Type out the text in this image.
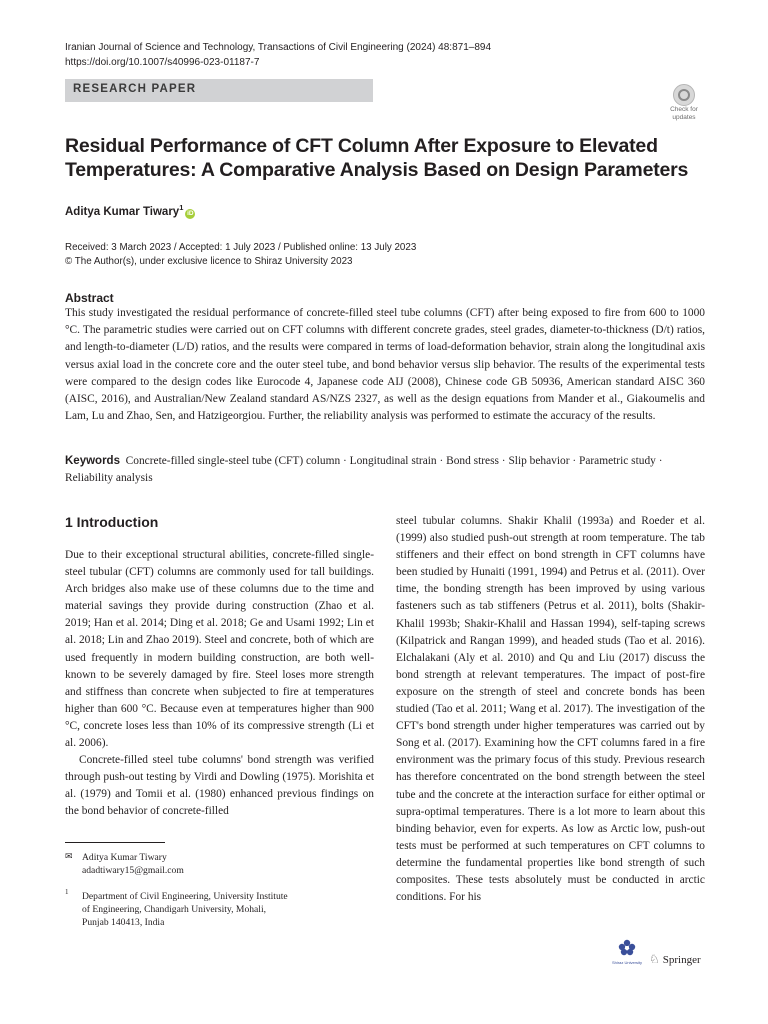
Iranian Journal of Science and Technology, Transactions of Civil Engineering (2024) 48:871–894
https://doi.org/10.1007/s40996-023-01187-7
RESEARCH PAPER
Check for updates
Residual Performance of CFT Column After Exposure to Elevated Temperatures: A Comparative Analysis Based on Design Parameters
Aditya Kumar Tiwary$^1$iD
Received: 3 March 2023 / Accepted: 1 July 2023 / Published online: 13 July 2023
© The Author(s), under exclusive licence to Shiraz University 2023
Abstract
This study investigated the residual performance of concrete-filled steel tube columns (CFT) after being exposed to fire from 600 to 1000 °C. The parametric studies were carried out on CFT columns with different concrete grades, steel grades, diameter-to-thickness (D/t) ratios, and length-to-diameter (L/D) ratios, and the results were compared in terms of load-deformation behavior, strain along the longitudinal axis versus axial load in the concrete core and the outer steel tube, and bond behavior versus slip behavior. The results of the experimental tests were compared to the design codes like Eurocode 4, Japanese code AIJ (2008), Chinese code GB 50936, American standard AISC 360 (AISC, 2016), and Australian/New Zealand standard AS/NZS 2327, as well as the design equations from Mander et al., Giakoumelis and Lam, Lu and Zhao, Sen, and Hatzigeorgiou. Further, the reliability analysis was performed to estimate the accuracy of the results.
Keywords Concrete-filled single-steel tube (CFT) column · Longitudinal strain · Bond stress · Slip behavior · Parametric study · Reliability analysis
1 Introduction

Due to their exceptional structural abilities, concrete-filled single-steel tubular (CFT) columns are commonly used for tall buildings. Arch bridges also make use of these columns due to the time and material savings they provide during construction (Zhao et al. 2019; Han et al. 2014; Ding et al. 2018; Ge and Usami 1992; Lin et al. 2018; Lin and Zhao 2019). Steel and concrete, both of which are used frequently in modern building construction, are both well-known to be severely damaged by fire. Steel loses more strength and stiffness than concrete when subjected to fire at temperatures higher than 600 °C. Because even at temperatures higher than 900 °C, concrete loses less than 10% of its compressive strength (Li et al. 2006).

Concrete-filled steel tube columns' bond strength was verified through push-out testing by Virdi and Dowling (1975). Morishita et al. (1979) and Tomii et al. (1980) enhanced previous findings on the bond behavior of concrete-filled

steel tubular columns. Shakir Khalil (1993a) and Roeder et al. (1999) also studied push-out strength at room temperature. The tab stiffeners and their effect on bond strength in CFT columns have been studied by Hunaiti (1991, 1994) and Petrus et al. (2011). Over time, the bonding strength has been improved by using various fasteners such as tab stiffeners (Petrus et al. 2011), bolts (Shakir-Khalil 1993b; Shakir-Khalil and Hassan 1994), self-taping screws (Kilpatrick and Rangan 1999), and headed studs (Tao et al. 2016). Elchalakani (Aly et al. 2010) and Qu and Liu (2017) discuss the bond strength at relevant temperatures. The impact of post-fire exposure on the strength of steel and concrete bonds has been studied (Tao et al. 2011; Wang et al. 2017). The investigation of the CFT's bond strength under higher temperatures was carried out by Song et al. (2017). Examining how the CFT columns fared in a fire environment was the primary focus of this study. Previous research has therefore concentrated on the bond strength between the steel tube and the concrete at the interaction surface for either optimal or supra-optimal temperatures. There is a lot more to learn about this binding behavior, even for experts. As low as Arctic low, push-out tests must be performed at such temperatures on CFT columns to determine the fundamental properties like bond strength of such composites. These tests absolutely must be conducted in arctic conditions. For his

✉ Aditya Kumar Tiwary
adadtiwary15@gmail.com
1 Department of Civil Engineering, University Institute
of Engineering, Chandigarh University, Mohali,
Punjab 140413, India
Shiraz University ♘ Springer
